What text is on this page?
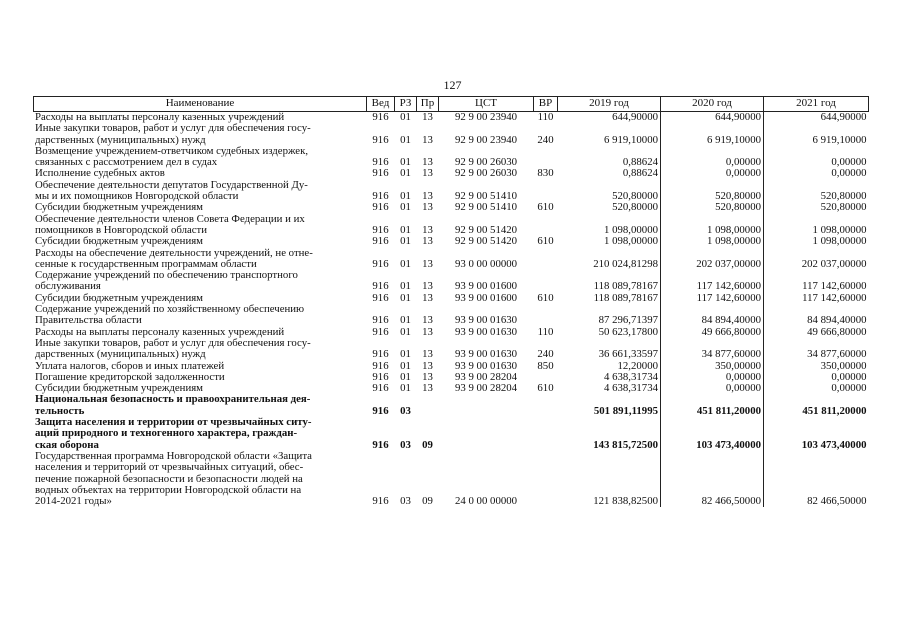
127
Наименование	Вед	РЗ	Пр	ЦСТ	ВР	2019 год	2020 год	2021 год
Расходы на выплаты персоналу казенных учреждений	916	01	13	92 9 00 23940	110	644,90000	644,90000	644,90000
Иные закупки товаров, работ и услуг для обеспечения госу-
дарственных (муниципальных) нужд	916	01	13	92 9 00 23940	240	6 919,10000	6 919,10000	6 919,10000
Возмещение учреждением-ответчиком судебных издержек,
связанных с рассмотрением дел в судах	916	01	13	92 9 00 26030		0,88624	0,00000	0,00000
Исполнение судебных актов	916	01	13	92 9 00 26030	830	0,88624	0,00000	0,00000
Обеспечение деятельности депутатов Государственной Ду-
мы и их помощников Новгородской области	916	01	13	92 9 00 51410		520,80000	520,80000	520,80000
Субсидии бюджетным учреждениям	916	01	13	92 9 00 51410	610	520,80000	520,80000	520,80000
Обеспечение деятельности членов Совета Федерации и их
помощников в Новгородской области	916	01	13	92 9 00 51420		1 098,00000	1 098,00000	1 098,00000
Субсидии бюджетным учреждениям	916	01	13	92 9 00 51420	610	1 098,00000	1 098,00000	1 098,00000
Расходы на обеспечение деятельности учреждений, не отне-
сенные к государственным программам области	916	01	13	93 0 00 00000		210 024,81298	202 037,00000	202 037,00000
Содержание учреждений по обеспечению транспортного
обслуживания	916	01	13	93 9 00 01600		118 089,78167	117 142,60000	117 142,60000
Субсидии бюджетным учреждениям	916	01	13	93 9 00 01600	610	118 089,78167	117 142,60000	117 142,60000
Содержание учреждений по хозяйственному обеспечению
Правительства области	916	01	13	93 9 00 01630		87 296,71397	84 894,40000	84 894,40000
Расходы на выплаты персоналу казенных учреждений	916	01	13	93 9 00 01630	110	50 623,17800	49 666,80000	49 666,80000
Иные закупки товаров, работ и услуг для обеспечения госу-
дарственных (муниципальных) нужд	916	01	13	93 9 00 01630	240	36 661,33597	34 877,60000	34 877,60000
Уплата налогов, сборов и иных платежей	916	01	13	93 9 00 01630	850	12,20000	350,00000	350,00000
Погашение кредиторской задолженности	916	01	13	93 9 00 28204		4 638,31734	0,00000	0,00000
Субсидии бюджетным учреждениям	916	01	13	93 9 00 28204	610	4 638,31734	0,00000	0,00000
Национальная безопасность и правоохранительная дея-
тельность	916	03				501 891,11995	451 811,20000	451 811,20000
Защита населения и территории от чрезвычайных ситу-
аций природного и техногенного характера, граждан-
ская оборона	916	03	09			143 815,72500	103 473,40000	103 473,40000
Государственная программа Новгородской области «Защита
населения и территорий от чрезвычайных ситуаций, обес-
печение пожарной безопасности и безопасности людей на
водных объектах на территории Новгородской области на
2014-2021 годы»	916	03	09	24 0 00 00000		121 838,82500	82 466,50000	82 466,50000
